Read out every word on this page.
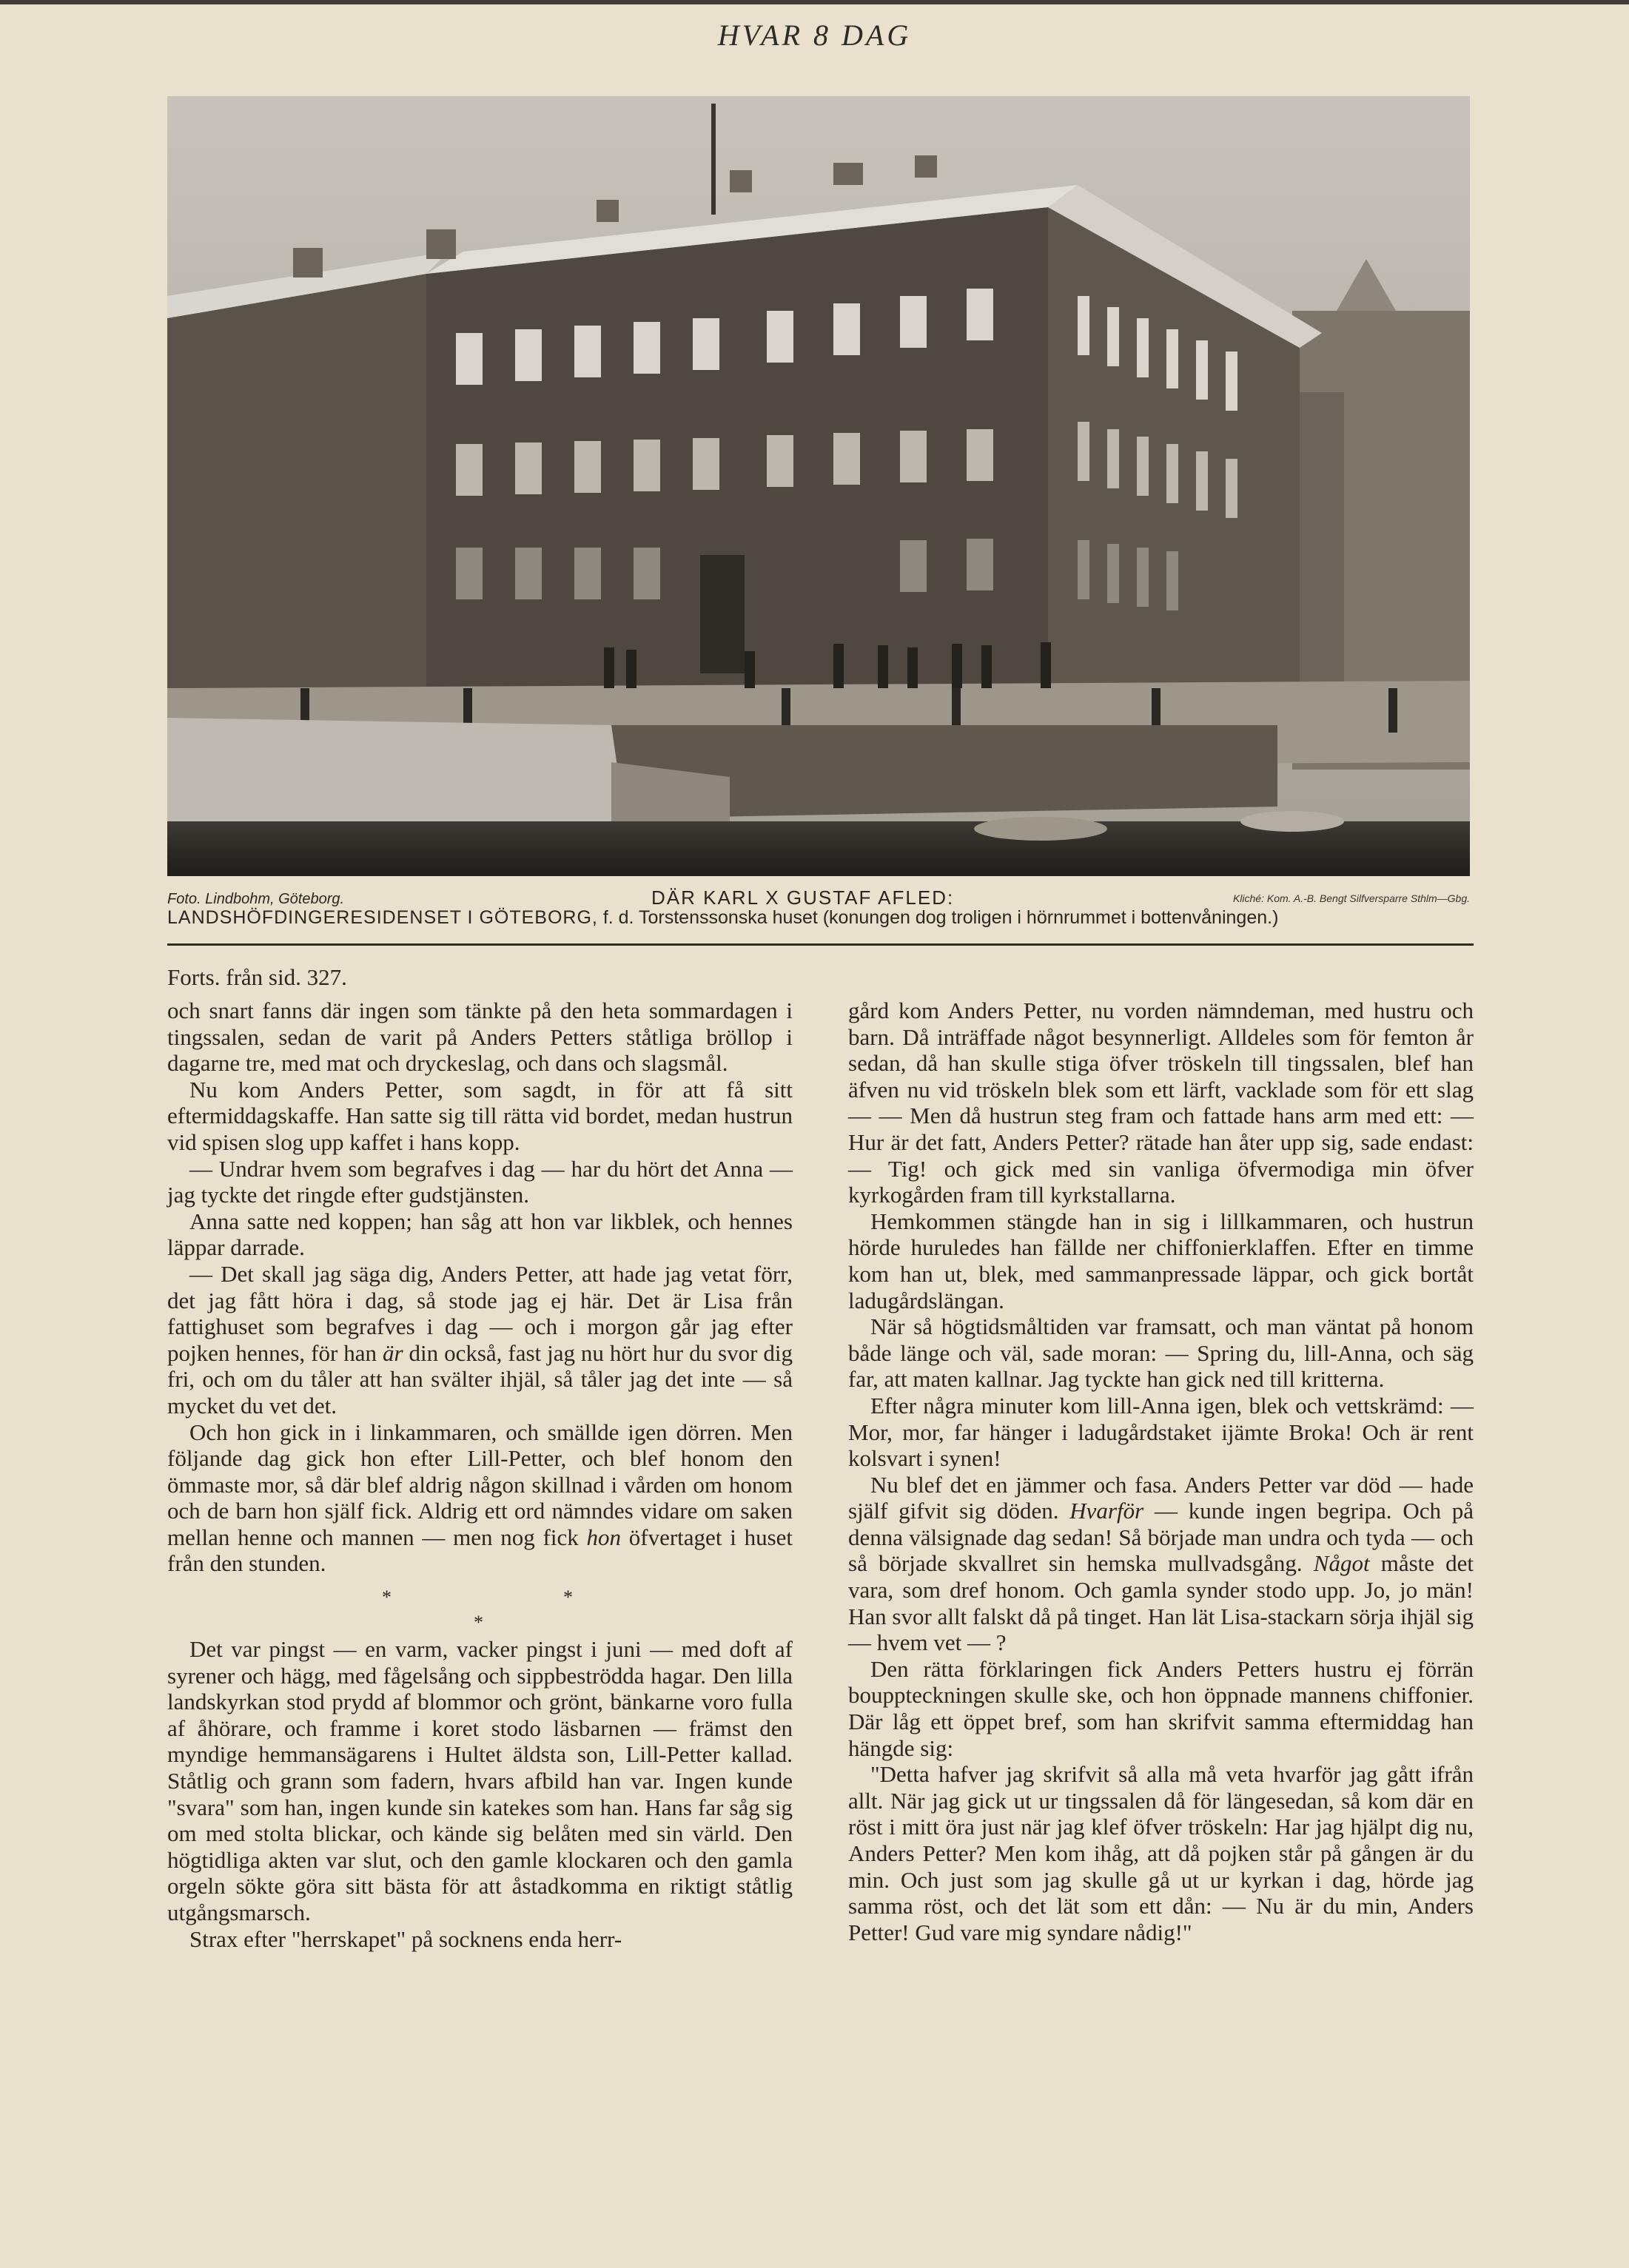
HVAR 8 DAG
Foto. Lindbohm, Göteborg.	DÄR KARL X GUSTAF AFLED:	Kliché: Kom. A.-B. Bengt Silfversparre Sthlm—Gbg.
LANDSHÖFDINGERESIDENSET I GÖTEBORG, f. d. Torstenssonska huset (konungen dog troligen i hörnrummet i bottenvåningen.)
Forts. från sid. 327.

och snart fanns där ingen som tänkte på den heta sommardagen i tingssalen, sedan de varit på Anders Petters ståtliga bröllop i dagarne tre, med mat och dryckeslag, och dans och slagsmål.

Nu kom Anders Petter, som sagdt, in för att få sitt eftermiddagskaffe. Han satte sig till rätta vid bordet, medan hustrun vid spisen slog upp kaffet i hans kopp.

— Undrar hvem som begrafves i dag — har du hört det Anna — jag tyckte det ringde efter gudstjänsten.

Anna satte ned koppen; han såg att hon var likblek, och hennes läppar darrade.

— Det skall jag säga dig, Anders Petter, att hade jag vetat förr, det jag fått höra i dag, så stode jag ej här. Det är Lisa från fattighuset som begrafves i dag — och i morgon går jag efter pojken hennes, för han är din också, fast jag nu hört hur du svor dig fri, och om du tåler att han svälter ihjäl, så tåler jag det inte — så mycket du vet det.

Och hon gick in i linkammaren, och smällde igen dörren. Men följande dag gick hon efter Lill-Petter, och blef honom den ömmaste mor, så där blef aldrig någon skillnad i vården om honom och de barn hon själf fick. Aldrig ett ord nämndes vidare om saken mellan henne och mannen — men nog fick hon öfvertaget i huset från den stunden.

*
*
*

Det var pingst — en varm, vacker pingst i juni — med doft af syrener och hägg, med fågelsång och sippbeströdda hagar. Den lilla landskyrkan stod prydd af blommor och grönt, bänkarne voro fulla af åhörare, och framme i koret stodo läsbarnen — främst den myndige hemmansägarens i Hultet äldsta son, Lill-Petter kallad. Ståtlig och grann som fadern, hvars afbild han var. Ingen kunde "svara" som han, ingen kunde sin katekes som han. Hans far såg sig om med stolta blickar, och kände sig belåten med sin värld. Den högtidliga akten var slut, och den gamle klockaren och den gamla orgeln sökte göra sitt bästa för att åstadkomma en riktigt ståtlig utgångsmarsch.

Strax efter "herrskapet" på socknens enda herr-

gård kom Anders Petter, nu vorden nämndeman, med hustru och barn. Då inträffade något besynnerligt. Alldeles som för femton år sedan, då han skulle stiga öfver tröskeln till tingssalen, blef han äfven nu vid tröskeln blek som ett lärft, vacklade som för ett slag — — Men då hustrun steg fram och fattade hans arm med ett: — Hur är det fatt, Anders Petter? rätade han åter upp sig, sade endast: — Tig! och gick med sin vanliga öfvermodiga min öfver kyrkogården fram till kyrkstallarna.

Hemkommen stängde han in sig i lillkammaren, och hustrun hörde huruledes han fällde ner chiffonierklaffen. Efter en timme kom han ut, blek, med sammanpressade läppar, och gick bortåt ladugårdslängan.

När så högtidsmåltiden var framsatt, och man väntat på honom både länge och väl, sade moran: — Spring du, lill-Anna, och säg far, att maten kallnar. Jag tyckte han gick ned till kritterna.

Efter några minuter kom lill-Anna igen, blek och vettskrämd: — Mor, mor, far hänger i ladugårdstaket ijämte Broka! Och är rent kolsvart i synen!

Nu blef det en jämmer och fasa. Anders Petter var död — hade själf gifvit sig döden. Hvarför — kunde ingen begripa. Och på denna välsignade dag sedan! Så började man undra och tyda — och så började skvallret sin hemska mullvadsgång. Något måste det vara, som dref honom. Och gamla synder stodo upp. Jo, jo män! Han svor allt falskt då på tinget. Han lät Lisa-stackarn sörja ihjäl sig — hvem vet — ?

Den rätta förklaringen fick Anders Petters hustru ej förrän bouppteckningen skulle ske, och hon öppnade mannens chiffonier. Där låg ett öppet bref, som han skrifvit samma eftermiddag han hängde sig:

"Detta hafver jag skrifvit så alla må veta hvarför jag gått ifrån allt. När jag gick ut ur tingssalen då för längesedan, så kom där en röst i mitt öra just när jag klef öfver tröskeln: Har jag hjälpt dig nu, Anders Petter? Men kom ihåg, att då pojken står på gången är du min. Och just som jag skulle gå ut ur kyrkan i dag, hörde jag samma röst, och det lät som ett dån: — Nu är du min, Anders Petter! Gud vare mig syndare nådig!"
